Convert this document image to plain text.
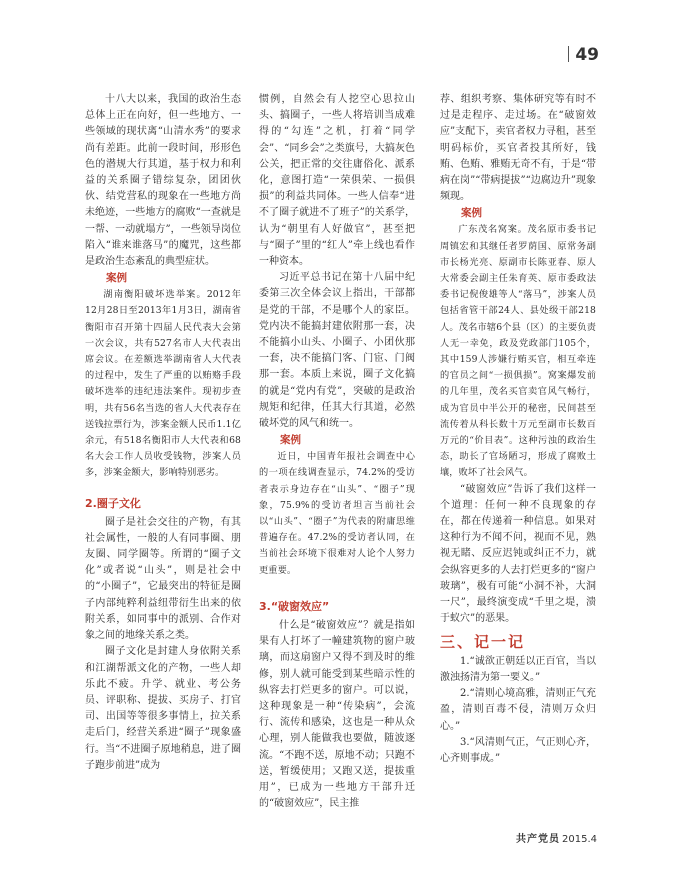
49

十八大以来，我国的政治生态总体上正在向好，但一些地方、一些领域的现状离“山清水秀”的要求尚有差距。此前一段时间，形形色色的潜规大行其道，基于权力和利益的关系圈子错综复杂，团团伙伙、结党营私的现象在一些地方尚未绝迹，一些地方的腐败“一查就是一帮、一动就塌方”，一些领导岗位陷入“谁来谁落马”的魔咒，这些都是政治生态紊乱的典型症状。

案例

湖南衡阳破坏选举案。2012年12月28日至2013年1月3日，湖南省衡阳市召开第十四届人民代表大会第一次会议，共有527名市人大代表出席会议。在差额选举湖南省人大代表的过程中，发生了严重的以贿赂手段破坏选举的违纪违法案件。现初步查明，共有56名当选的省人大代表存在送钱拉票行为，涉案金额人民币1.1亿余元，有518名衡阳市人大代表和68名大会工作人员收受钱物，涉案人员多，涉案金额大，影响特别恶劣。

2.圈子文化

圈子是社会交往的产物，有其社会属性，一般的人有同事圈、朋友圈、同学圈等。所谓的“圈子文化”或者说“山头”，则是社会中的“小圈子”，它最突出的特征是圈子内部纯粹利益纽带衍生出来的依附关系，如同事中的派别、合作对象之间的地缘关系之类。

圈子文化是封建人身依附关系和江湖帮派文化的产物，一些人却乐此不疲。升学、就业、考公务员、评职称、提拔、买房子、打官司、出国等等很多事情上，拉关系走后门，经营关系进“圈子”现象盛行。当“不进圈子原地稍息，进了圈子跑步前进”成为

惯例，自然会有人挖空心思拉山头、搞圈子，一些人将培训当成难得的“勾连”之机，打着“同学会”、“同乡会”之类旗号，大搞灰色公关，把正常的交往庸俗化、派系化，意图打造“一荣俱荣、一损俱损”的利益共同体。一些人信奉“进不了圈子就进不了班子”的关系学，认为“朝里有人好做官”，甚至把与“圈子”里的“红人”牵上线也看作一种资本。

习近平总书记在第十八届中纪委第三次全体会议上指出，干部都是党的干部，不是哪个人的家臣。党内决不能搞封建依附那一套，决不能搞小山头、小圈子、小团伙那一套，决不能搞门客、门宦、门阀那一套。本质上来说，圈子文化搞的就是“党内有党”，突破的是政治规矩和纪律，任其大行其道，必然破坏党的风气和统一。

案例

近日，中国青年报社会调查中心的一项在线调查显示，74.2%的受访者表示身边存在“山头”、“圈子”现象，75.9%的受访者坦言当前社会以“山头”、“圈子”为代表的附庸思维普遍存在。47.2%的受访者认同，在当前社会环境下很难对人论个人努力更重要。

3.“破窗效应”

什么是“破窗效应”？就是指如果有人打坏了一幢建筑物的窗户玻璃，而这扇窗户又得不到及时的维修，别人就可能受到某些暗示性的纵容去打烂更多的窗户。可以说，这种现象是一种“传染病”，会流行、流传和感染，这也是一种从众心理，别人能做我也要做，随波逐流。“不跑不送，原地不动；只跑不送，暂缓使用；又跑又送，提拔重用”，已成为一些地方干部升迁的“破窗效应”，民主推

荐、组织考察、集体研究等有时不过是走程序、走过场。在“破窗效应”支配下，卖官者权力寻租，甚至明码标价，买官者投其所好，钱贿、色贿、雅贿无奇不有，于是“带病在岗”“带病提拔”“边腐边升”现象频现。

案例

广东茂名窝案。茂名原市委书记周镇宏和其继任者罗荫国、原常务副市长杨光亮、原副市长陈亚春、原人大常委会副主任朱育英、原市委政法委书记倪俊雄等人“落马”，涉案人员包括省管干部24人、县处级干部218人。茂名市辖6个县（区）的主要负责人无一幸免，政及党政部门105个，其中159人涉嫌行贿买官，相互牵连的官员之间“一损俱损”。窝案爆发前的几年里，茂名买官卖官风气畅行，成为官员中半公开的秘密，民间甚至流传着从科长数十万元至副市长数百万元的“价目表”。这种污浊的政治生态，助长了官场陋习，形成了腐败土壤，败坏了社会风气。

“破窗效应”告诉了我们这样一个道理：任何一种不良现象的存在，都在传递着一种信息。如果对这种行为不闻不问，视而不见，熟视无睹、反应迟钝或纠正不力，就会纵容更多的人去打烂更多的“窗户玻璃”，极有可能“小洞不补，大洞一尺”，最终演变成“千里之堤，溃于蚁穴”的恶果。

三、记一记

1.“诚欲正朝廷以正百官，当以激浊扬清为第一要义。”

2.“清则心境高雅，清则正气充盈，清则百毒不侵，清则万众归心。”

3.“风清则气正，气正则心齐，心齐则事成。”

共产党员 2015.4
